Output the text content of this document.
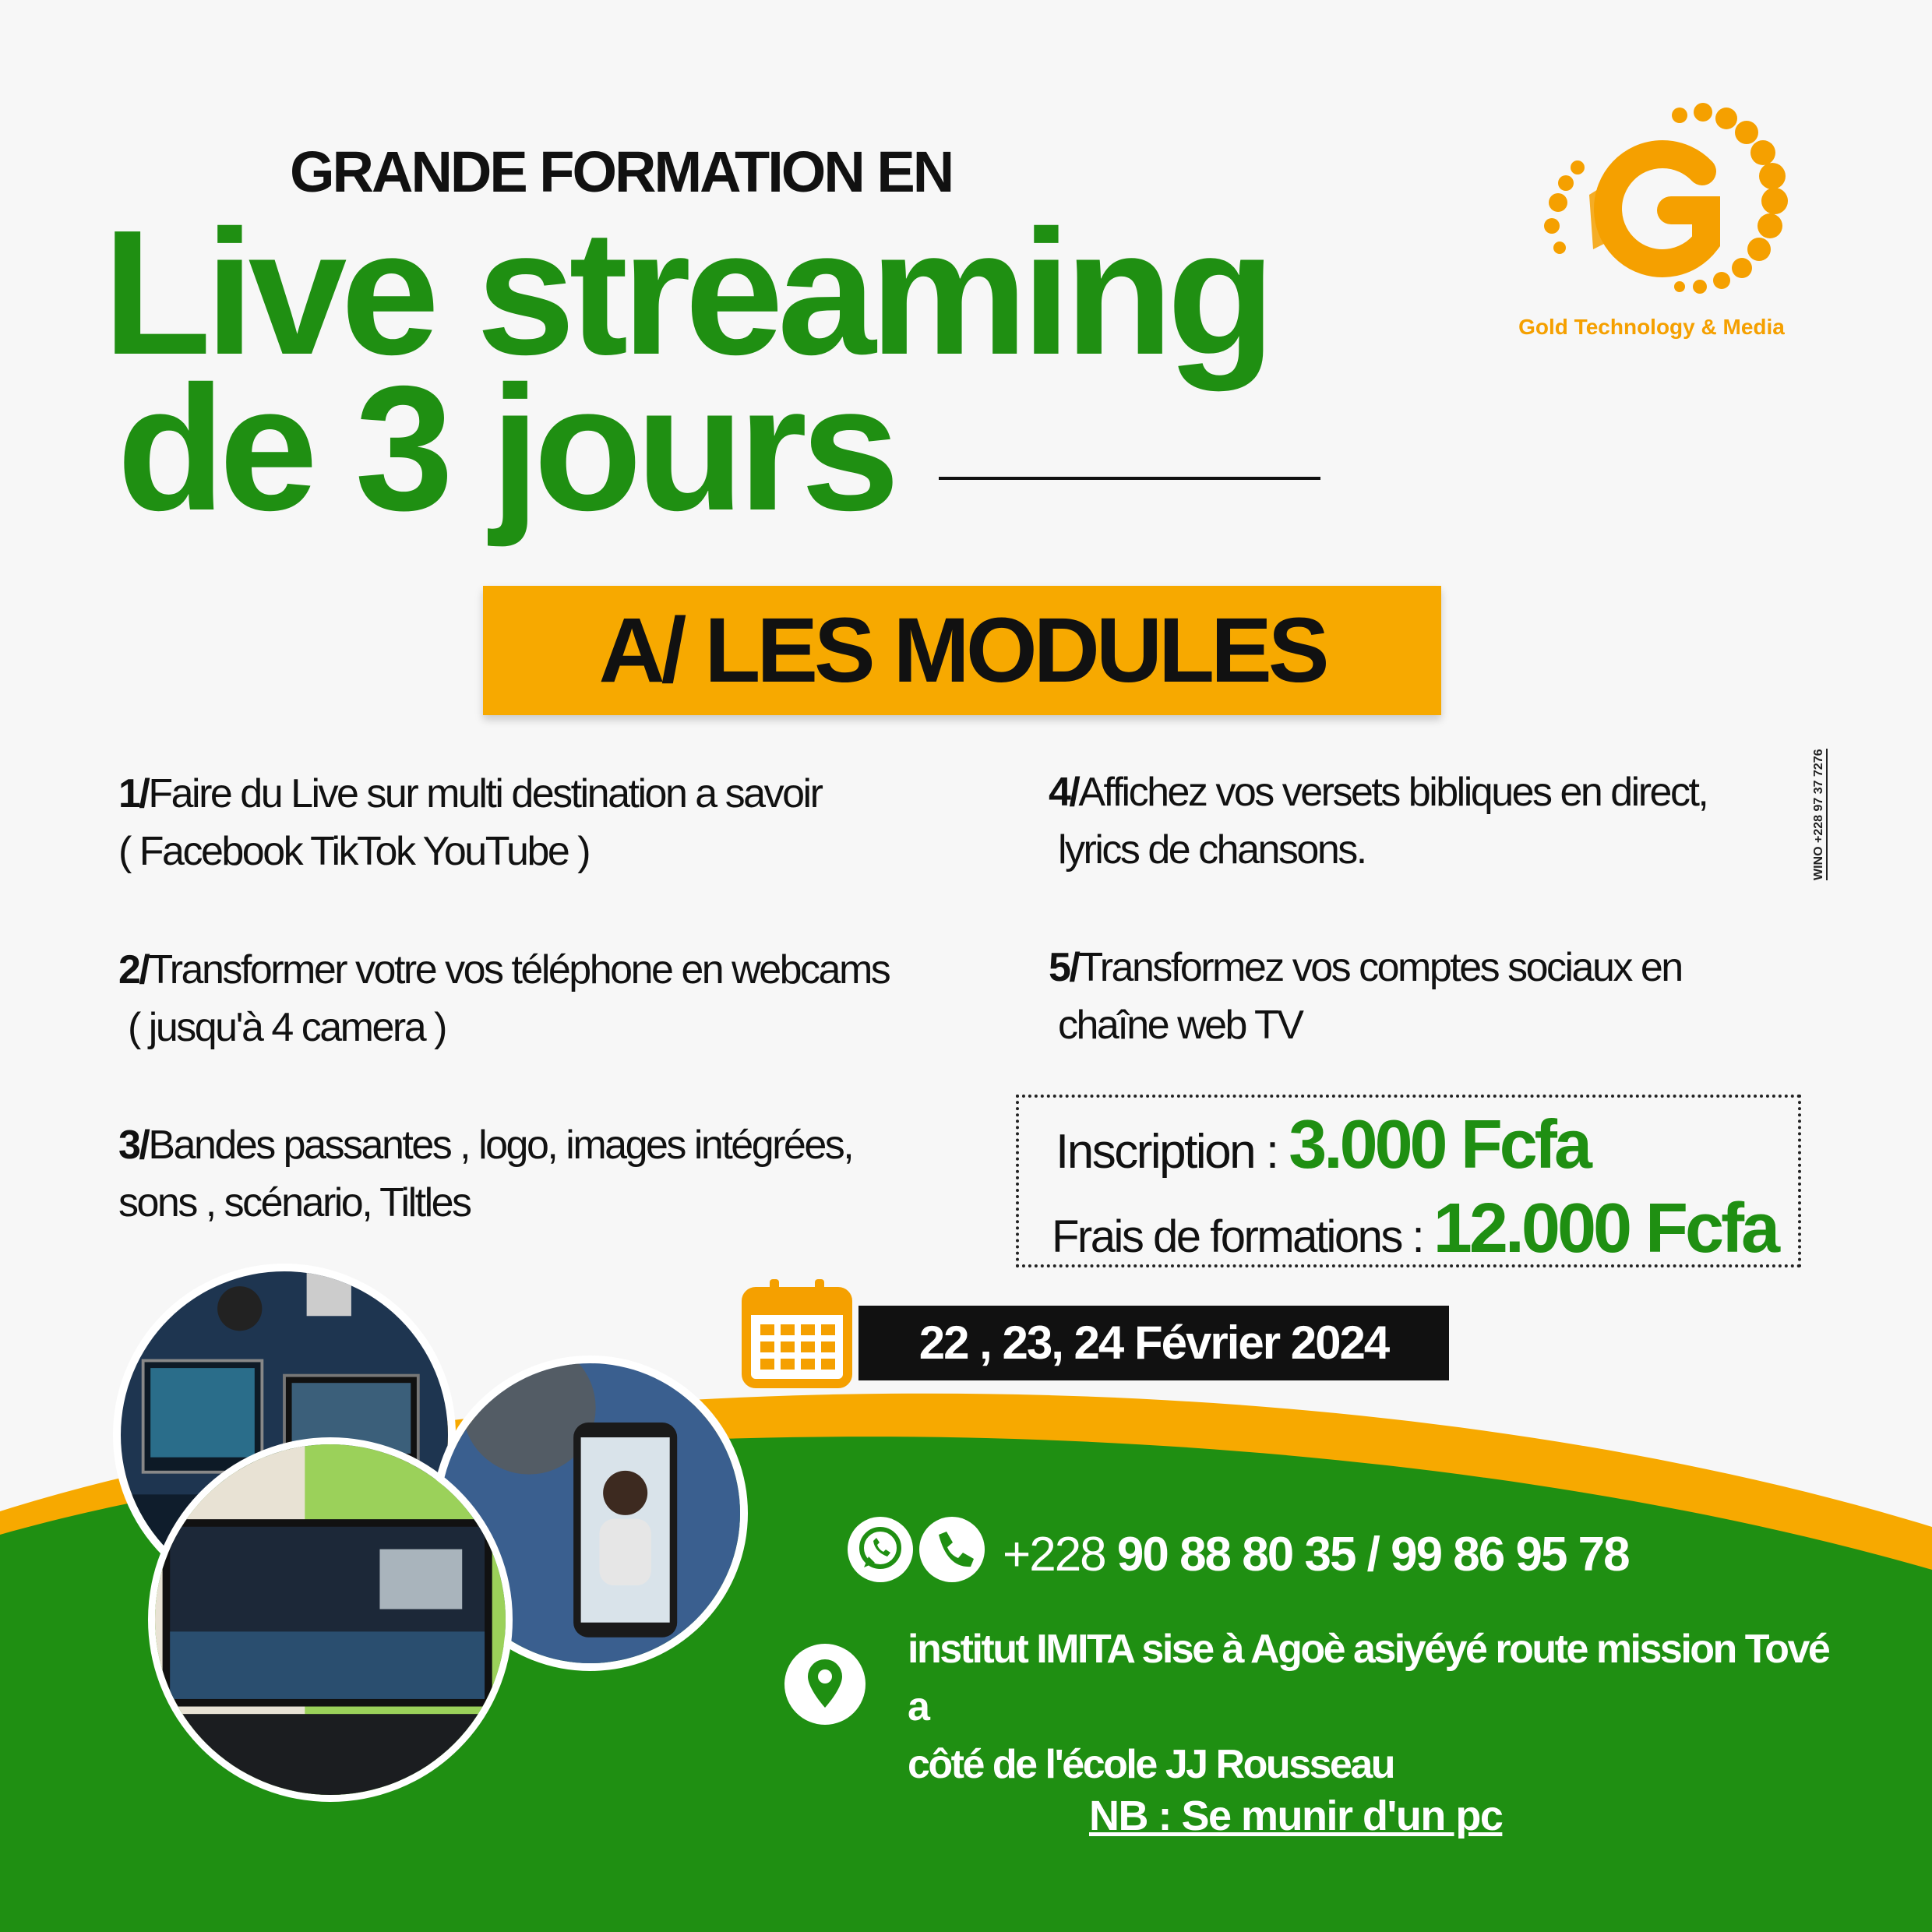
GRANDE FORMATION EN
Live streaming
de 3 jours
Gold Technology & Media
A/ LES MODULES
1/Faire du Live sur multi destination a savoir
( Facebook TikTok YouTube )
2/Transformer votre vos téléphone en webcams
( jusqu'à 4 camera )
3/Bandes passantes , logo, images intégrées,
sons , scénario, Tiltles
4/Affichez vos versets bibliques en direct,
lyrics de chansons.
5/Transformez vos comptes sociaux en
chaîne web TV
Inscription : 3.000 Fcfa
Frais de formations : 12.000 Fcfa
22 , 23, 24 Février 2024
+228 90 88 80 35 / 99 86 95 78
institut IMITA sise à Agoè asiyéyé route mission Tové a
côté de l'école JJ Rousseau
NB : Se munir d'un pc
WINO +228 97 37 7276
